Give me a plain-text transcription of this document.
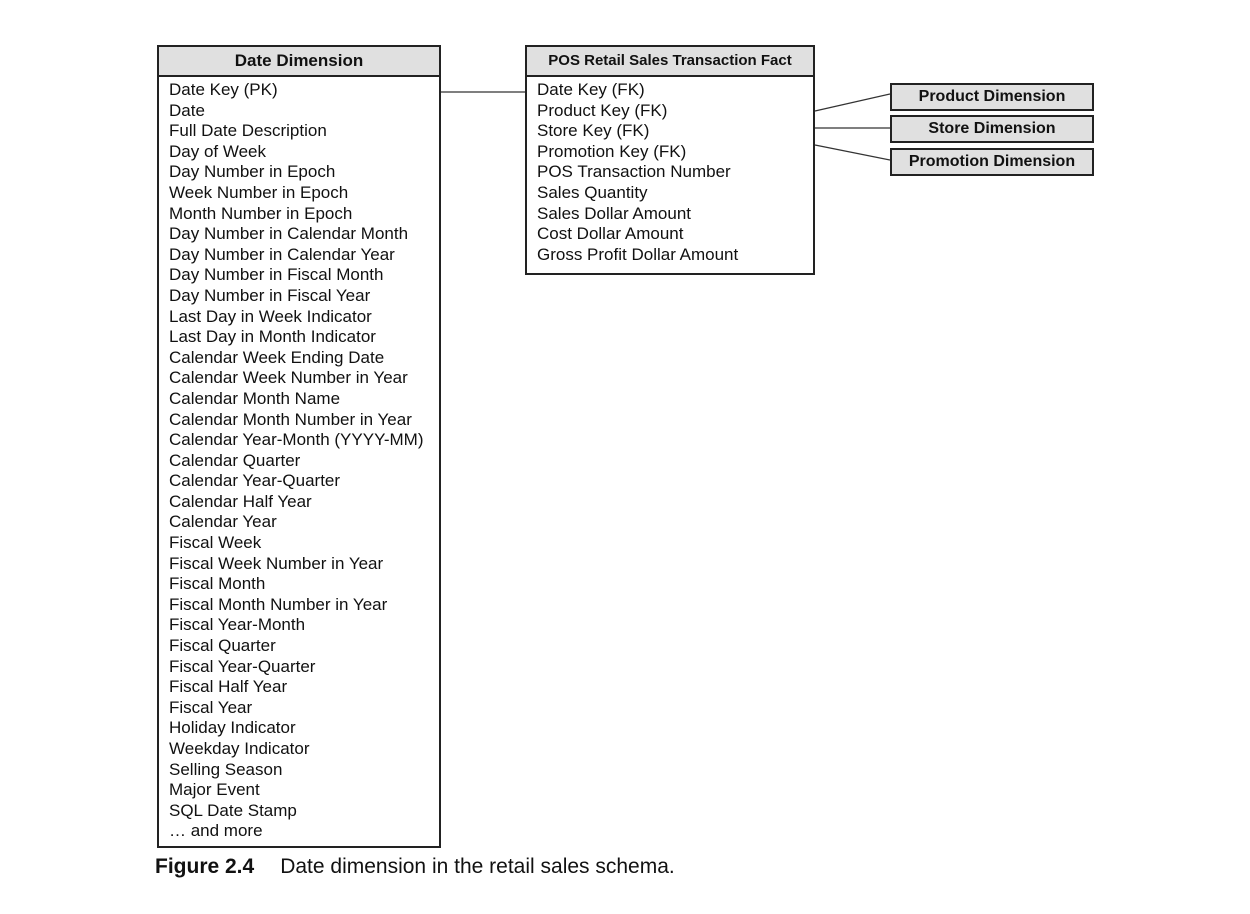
Date Dimension
Date Key (PK)
Date
Full Date Description
Day of Week
Day Number in Epoch
Week Number in Epoch
Month Number in Epoch
Day Number in Calendar Month
Day Number in Calendar Year
Day Number in Fiscal Month
Day Number in Fiscal Year
Last Day in Week Indicator
Last Day in Month Indicator
Calendar Week Ending Date
Calendar Week Number in Year
Calendar Month Name
Calendar Month Number in Year
Calendar Year-Month (YYYY-MM)
Calendar Quarter
Calendar Year-Quarter
Calendar Half Year
Calendar Year
Fiscal Week
Fiscal Week Number in Year
Fiscal Month
Fiscal Month Number in Year
Fiscal Year-Month
Fiscal Quarter
Fiscal Year-Quarter
Fiscal Half Year
Fiscal Year
Holiday Indicator
Weekday Indicator
Selling Season
Major Event
SQL Date Stamp
… and more
POS Retail Sales Transaction Fact
Date Key (FK)
Product Key (FK)
Store Key (FK)
Promotion Key (FK)
POS Transaction Number
Sales Quantity
Sales Dollar Amount
Cost Dollar Amount
Gross Profit Dollar Amount
Product Dimension
Store Dimension
Promotion Dimension
Figure 2.4 Date dimension in the retail sales schema.
